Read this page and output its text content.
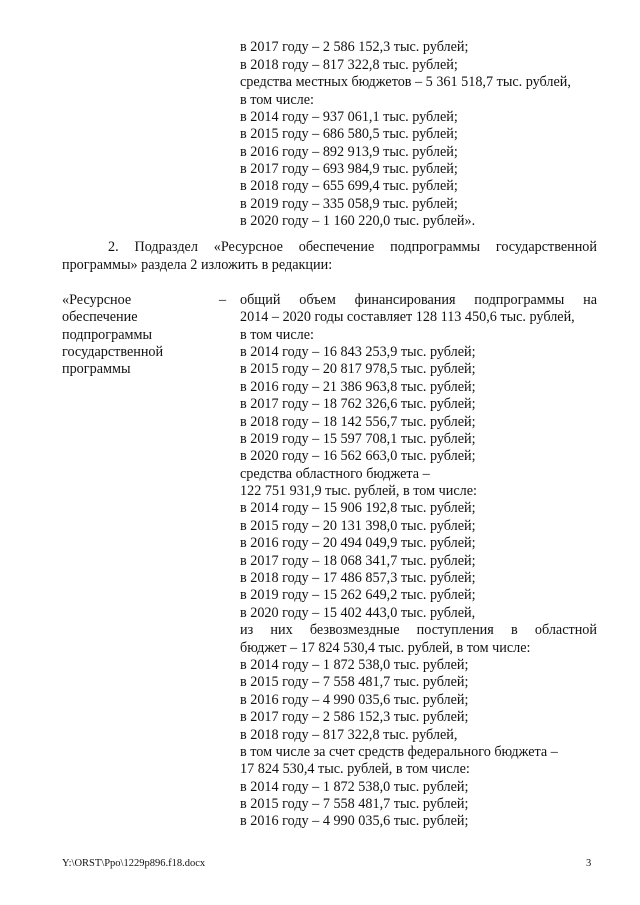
в 2017 году – 2 586 152,3 тыс. рублей;
в 2018 году – 817 322,8 тыс. рублей;
средства местных бюджетов – 5 361 518,7 тыс. рублей,
в том числе:
в 2014 году – 937 061,1 тыс. рублей;
в 2015 году – 686 580,5 тыс. рублей;
в 2016 году – 892 913,9 тыс. рублей;
в 2017 году – 693 984,9 тыс. рублей;
в 2018 году – 655 699,4 тыс. рублей;
в 2019 году – 335 058,9 тыс. рублей;
в 2020 году – 1 160 220,0 тыс. рублей».
2. Подраздел «Ресурсное обеспечение подпрограммы государственной
программы» раздела 2 изложить в редакции:
«Ресурсное
обеспечение
подпрограммы
государственной
программы
– общий объем финансирования подпрограммы на
2014 – 2020 годы составляет 128 113 450,6 тыс. рублей,
в том числе:
в 2014 году – 16 843 253,9 тыс. рублей;
в 2015 году – 20 817 978,5 тыс. рублей;
в 2016 году – 21 386 963,8 тыс. рублей;
в 2017 году – 18 762 326,6 тыс. рублей;
в 2018 году – 18 142 556,7 тыс. рублей;
в 2019 году – 15 597 708,1 тыс. рублей;
в 2020 году – 16 562 663,0 тыс. рублей;
средства областного бюджета –
122 751 931,9 тыс. рублей, в том числе:
в 2014 году – 15 906 192,8 тыс. рублей;
в 2015 году – 20 131 398,0 тыс. рублей;
в 2016 году – 20 494 049,9 тыс. рублей;
в 2017 году – 18 068 341,7 тыс. рублей;
в 2018 году – 17 486 857,3 тыс. рублей;
в 2019 году – 15 262 649,2 тыс. рублей;
в 2020 году – 15 402 443,0 тыс. рублей,
из них безвозмездные поступления в областной
бюджет – 17 824 530,4 тыс. рублей, в том числе:
в 2014 году – 1 872 538,0 тыс. рублей;
в 2015 году – 7 558 481,7 тыс. рублей;
в 2016 году – 4 990 035,6 тыс. рублей;
в 2017 году – 2 586 152,3 тыс. рублей;
в 2018 году – 817 322,8 тыс. рублей,
в том числе за счет средств федерального бюджета –
17 824 530,4 тыс. рублей, в том числе:
в 2014 году – 1 872 538,0 тыс. рублей;
в 2015 году – 7 558 481,7 тыс. рублей;
в 2016 году – 4 990 035,6 тыс. рублей;
Y:\ORST\Ppo\1229p896.f18.docx	3
